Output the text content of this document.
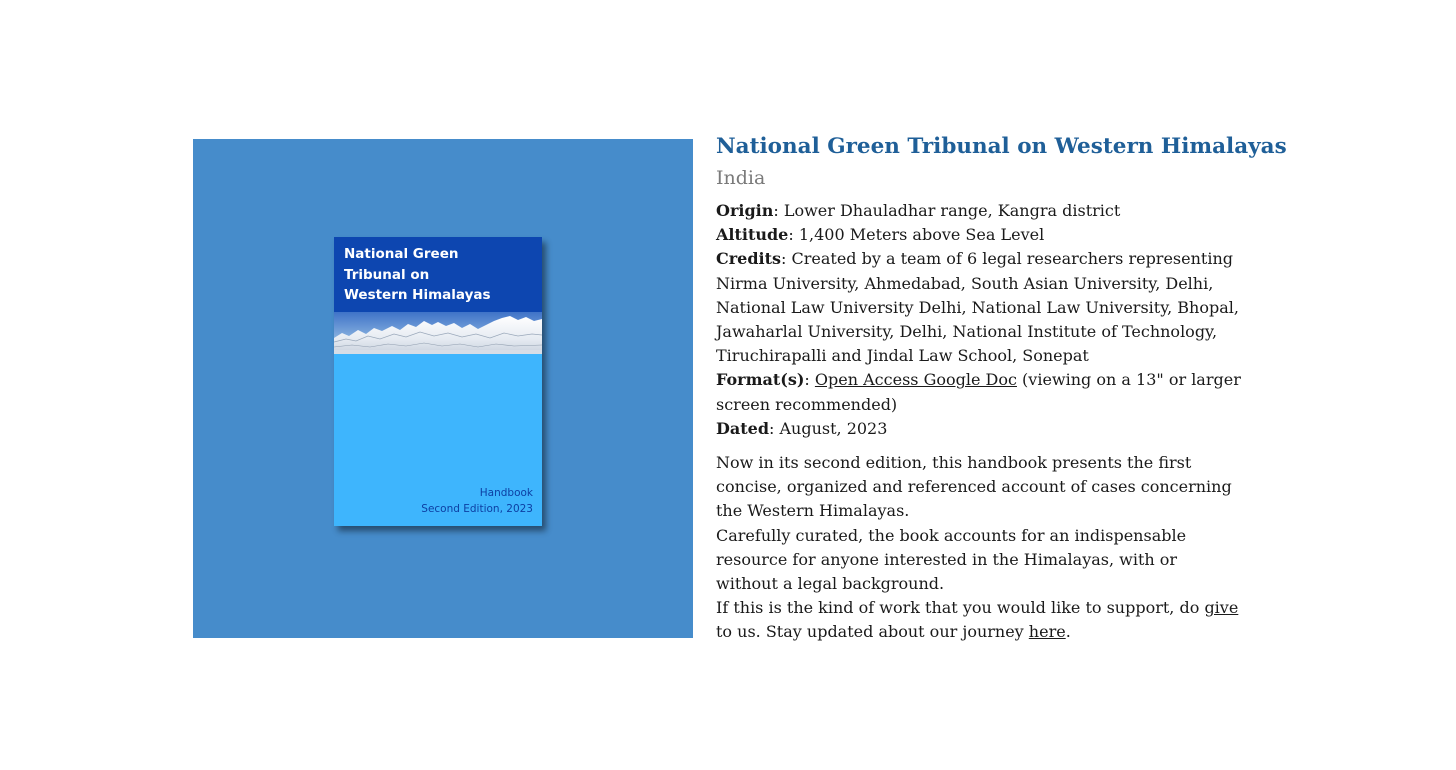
National Green
Tribunal on
Western Himalayas
Handbook
Second Edition, 2023
National Green Tribunal on Western Himalayas
India
Origin: Lower Dhauladhar range, Kangra district
Altitude: 1,400 Meters above Sea Level
Credits: Created by a team of 6 legal researchers representing
Nirma University, Ahmedabad, South Asian University, Delhi,
National Law University Delhi, National Law University, Bhopal,
Jawaharlal University, Delhi, National Institute of Technology,
Tiruchirapalli and Jindal Law School, Sonepat
Format(s): Open Access Google Doc (viewing on a 13" or larger
screen recommended)
Dated: August, 2023
Now in its second edition, this handbook presents the first
concise, organized and referenced account of cases concerning
the Western Himalayas.
Carefully curated, the book accounts for an indispensable
resource for anyone interested in the Himalayas, with or
without a legal background.
If this is the kind of work that you would like to support, do give
to us. Stay updated about our journey here.
